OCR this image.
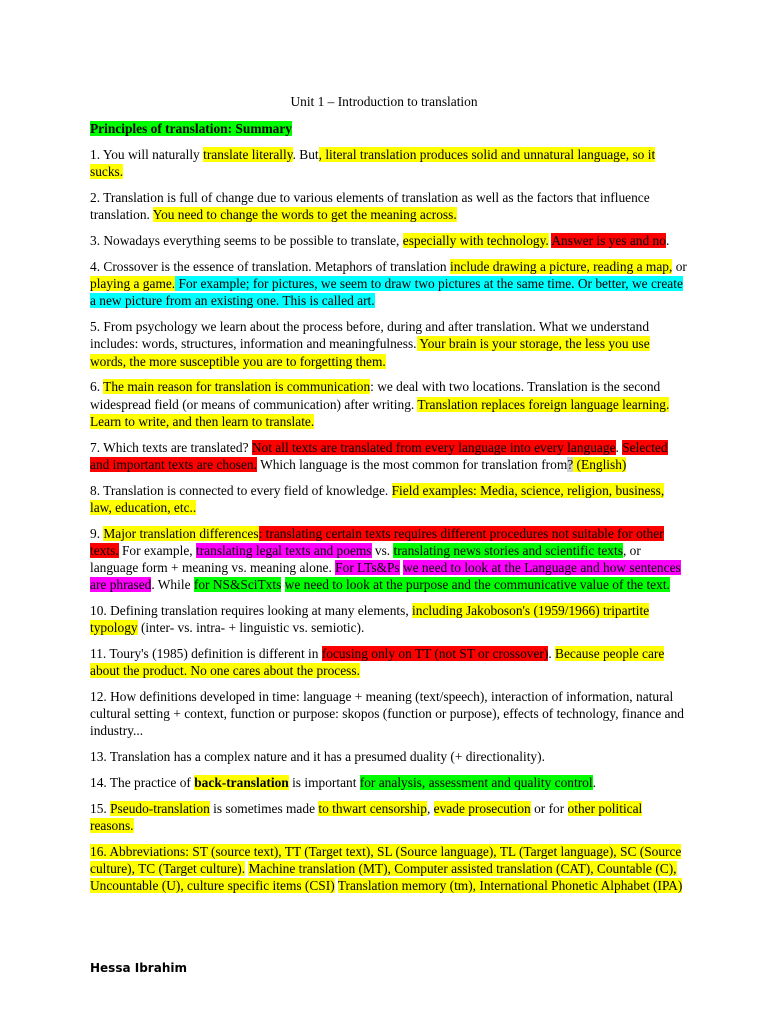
Unit 1 – Introduction to translation
Principles of translation: Summary
1. You will naturally translate literally. But, literal translation produces solid and unnatural language, so it sucks.
2. Translation is full of change due to various elements of translation as well as the factors that influence translation. You need to change the words to get the meaning across.
3. Nowadays everything seems to be possible to translate, especially with technology. Answer is yes and no.
4. Crossover is the essence of translation. Metaphors of translation include drawing a picture, reading a map, or playing a game. For example; for pictures, we seem to draw two pictures at the same time. Or better, we create a new picture from an existing one. This is called art.
5. From psychology we learn about the process before, during and after translation. What we understand includes: words, structures, information and meaningfulness. Your brain is your storage, the less you use words, the more susceptible you are to forgetting them.
6. The main reason for translation is communication: we deal with two locations. Translation is the second widespread field (or means of communication) after writing. Translation replaces foreign language learning. Learn to write, and then learn to translate.
7. Which texts are translated? Not all texts are translated from every language into every language. Selected and important texts are chosen. Which language is the most common for translation from? (English)
8. Translation is connected to every field of knowledge. Field examples: Media, science, religion, business, law, education, etc..
9. Major translation differences: translating certain texts requires different procedures not suitable for other texts. For example, translating legal texts and poems vs. translating news stories and scientific texts, or language form + meaning vs. meaning alone. For LTs&Ps we need to look at the Language and how sentences are phrased. While for NS&SciTxts we need to look at the purpose and the communicative value of the text.
10. Defining translation requires looking at many elements, including Jakoboson's (1959/1966) tripartite typology (inter- vs. intra- + linguistic vs. semiotic).
11. Toury's (1985) definition is different in focusing only on TT (not ST or crossover). Because people care about the product. No one cares about the process.
12. How definitions developed in time: language + meaning (text/speech), interaction of information, natural cultural setting + context, function or purpose: skopos (function or purpose), effects of technology, finance and industry...
13. Translation has a complex nature and it has a presumed duality (+ directionality).
14. The practice of back-translation is important for analysis, assessment and quality control.
15. Pseudo-translation is sometimes made to thwart censorship, evade prosecution or for other political reasons.
16. Abbreviations: ST (source text), TT (Target text), SL (Source language), TL (Target language), SC (Source culture), TC (Target culture). Machine translation (MT), Computer assisted translation (CAT), Countable (C), Uncountable (U), culture specific items (CSI) Translation memory (tm), International Phonetic Alphabet (IPA)
Hessa Ibrahim
